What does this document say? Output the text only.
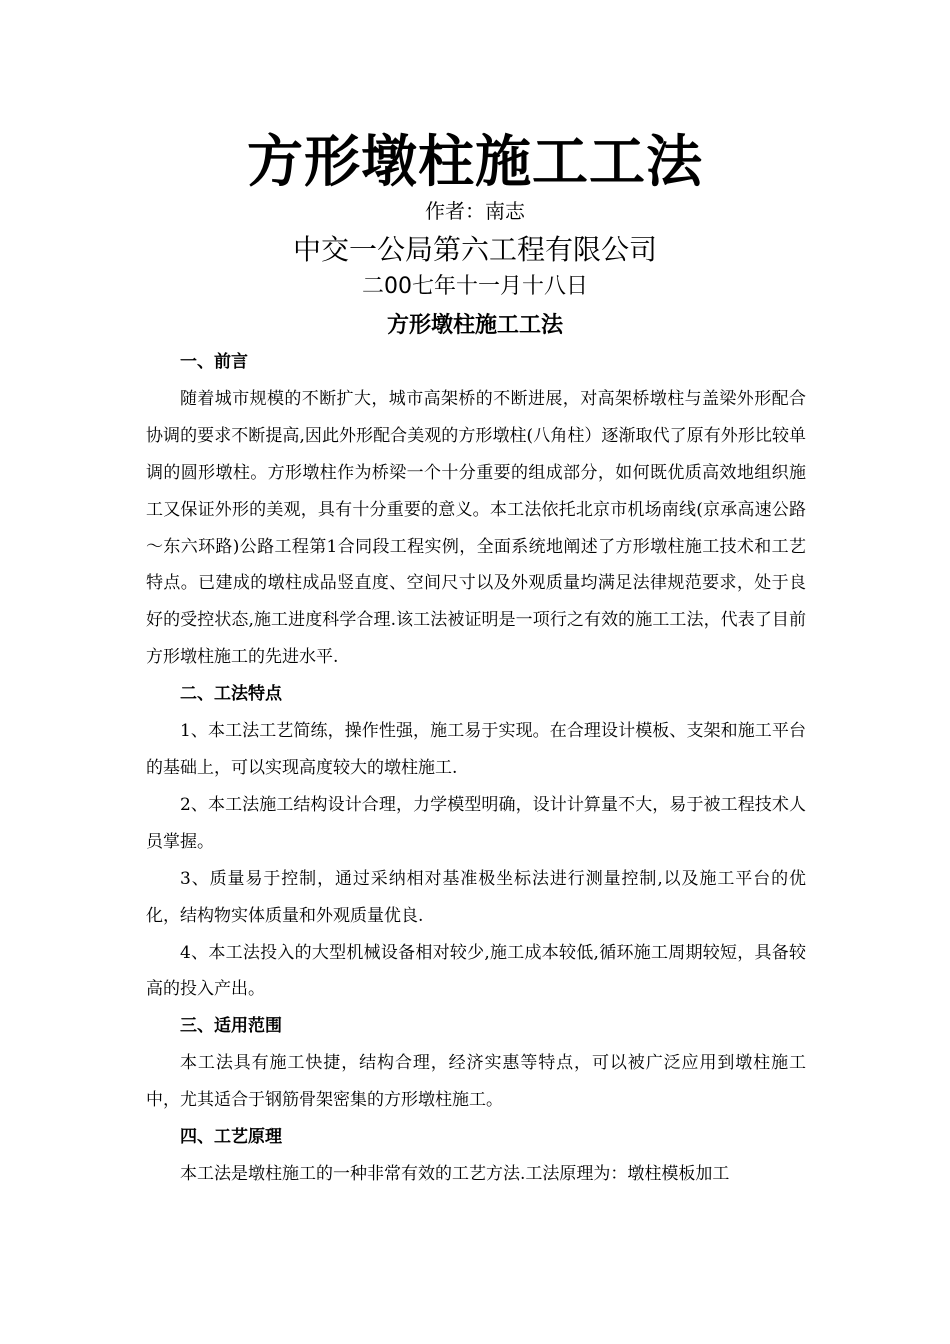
方形墩柱施工工法
作者：南志
中交一公局第六工程有限公司
二00七年十一月十八日
方形墩柱施工工法
一、前言

随着城市规模的不断扩大，城市高架桥的不断进展，对高架桥墩柱与盖梁外形配合协调的要求不断提高,因此外形配合美观的方形墩柱(八角柱）逐渐取代了原有外形比较单调的圆形墩柱。方形墩柱作为桥梁一个十分重要的组成部分，如何既优质高效地组织施工又保证外形的美观，具有十分重要的意义。本工法依托北京市机场南线(京承高速公路～东六环路)公路工程第1合同段工程实例，全面系统地阐述了方形墩柱施工技术和工艺特点。已建成的墩柱成品竖直度、空间尺寸以及外观质量均满足法律规范要求，处于良好的受控状态,施工进度科学合理.该工法被证明是一项行之有效的施工工法，代表了目前方形墩柱施工的先进水平.

二、工法特点

1、本工法工艺简练，操作性强，施工易于实现。在合理设计模板、支架和施工平台的基础上，可以实现高度较大的墩柱施工.

2、本工法施工结构设计合理，力学模型明确，设计计算量不大，易于被工程技术人员掌握。

3、质量易于控制，通过采纳相对基准极坐标法进行测量控制,以及施工平台的优化，结构物实体质量和外观质量优良.

4、本工法投入的大型机械设备相对较少,施工成本较低,循环施工周期较短，具备较高的投入产出。

三、适用范围

本工法具有施工快捷，结构合理，经济实惠等特点，可以被广泛应用到墩柱施工中，尤其适合于钢筋骨架密集的方形墩柱施工。

四、工艺原理

本工法是墩柱施工的一种非常有效的工艺方法.工法原理为：墩柱模板加工
